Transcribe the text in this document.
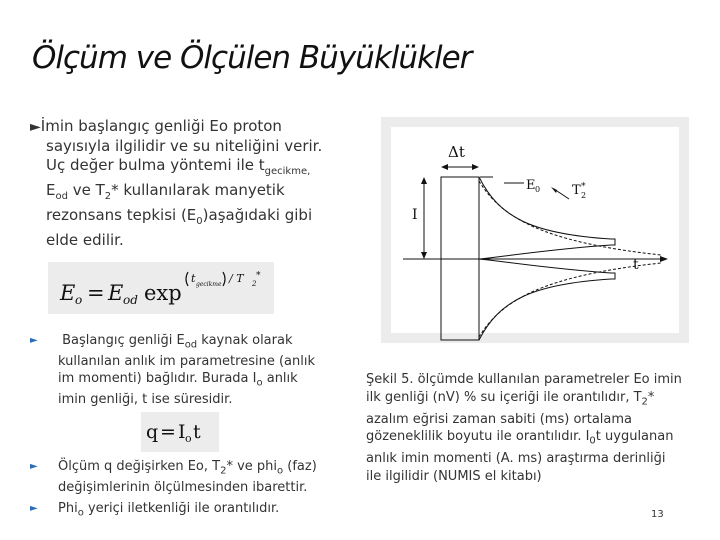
Ölçüm ve Ölçülen Büyüklükler
►İmin başlangıç genliği Eo proton
sayısıyla ilgilidir ve su niteliğini verir.
Uç değer bulma yöntemi ile $t_{gecikme,}$
$E_{od}$ ve $T_2*$ kullanılarak manyetik
rezonsans tepkisi $(E_0)aşağıdaki$ gibi
elde edilir.
E o = E od exp
t gecikme / T 2
*
►	Başlangıç genliği $E_{od}$ kaynak olarak
kullanılan anlık im parametresine (anlık
im momenti) bağlıdır. Burada $I_o$ anlık
imin genliği, t ise süresidir.
► Ölçüm q değişirken Eo, $T_2*$ ve phi$_o$ (faz)
değişimlerinin ölçülmesinden ibarettir.
► Phi$_o$ yeriçi iletkenliği ile orantılıdır.
q = I o t
Δt
E 0 T 2
*
I
t
Şekil 5. ölçümde kullanılan parametreler Eo imin
ilk genliği (nV) % su içeriği ile orantılıdır, $T_2*$
azalım eğrisi zaman sabiti (ms) ortalama
gözeneklilik boyutu ile orantılıdır. $I_0t$ uygulanan
anlık imin momenti (A. ms) araştırma derinliği
ile ilgilidir (NUMIS el kitabı)
13
